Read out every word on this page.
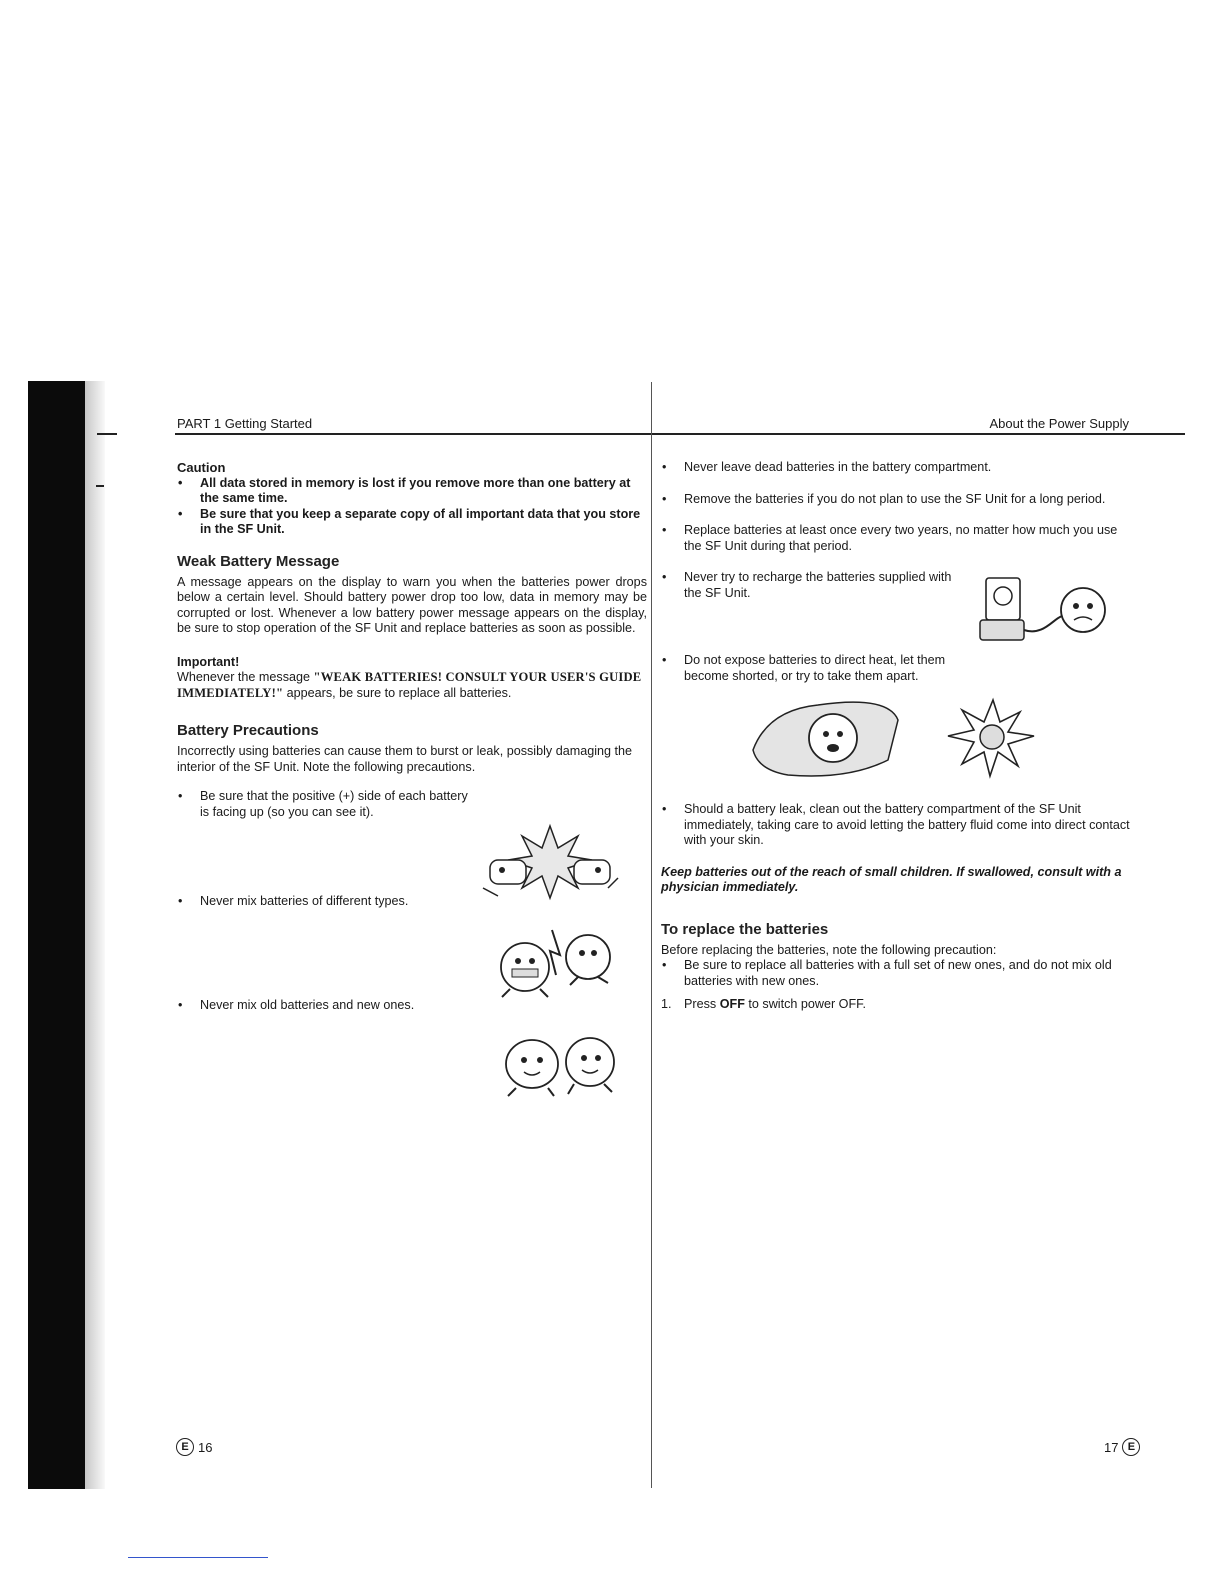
PART 1 Getting Started	About the Power Supply

Caution

• All data stored in memory is lost if you remove more than one battery at the same time.

• Be sure that you keep a separate copy of all important data that you store in the SF Unit.

Weak Battery Message

A message appears on the display to warn you when the batteries power drops below a certain level. Should battery power drop too low, data in memory may be corrupted or lost. Whenever a low battery power message appears on the display, be sure to stop operation of the SF Unit and replace batteries as soon as possible.

Important!

Whenever the message "WEAK BATTERIES! CONSULT YOUR USER'S GUIDE IMMEDIATELY!" appears, be sure to replace all batteries.

Battery Precautions

Incorrectly using batteries can cause them to burst or leak, possibly damaging the interior of the SF Unit. Note the following precautions.

• Be sure that the positive (+) side of each battery is facing up (so you can see it).

• Never mix batteries of different types.

• Never mix old batteries and new ones.

E 16

• Never leave dead batteries in the battery compartment.

• Remove the batteries if you do not plan to use the SF Unit for a long period.

• Replace batteries at least once every two years, no matter how much you use the SF Unit during that period.

• Never try to recharge the batteries supplied with the SF Unit.

• Do not expose batteries to direct heat, let them become shorted, or try to take them apart.

• Should a battery leak, clean out the battery compartment of the SF Unit immediately, taking care to avoid letting the battery fluid come into direct contact with your skin.

Keep batteries out of the reach of small children. If swallowed, consult with a physician immediately.

To replace the batteries

Before replacing the batteries, note the following precaution:

• Be sure to replace all batteries with a full set of new ones, and do not mix old batteries with new ones.

1. Press OFF to switch power OFF.

17 E
